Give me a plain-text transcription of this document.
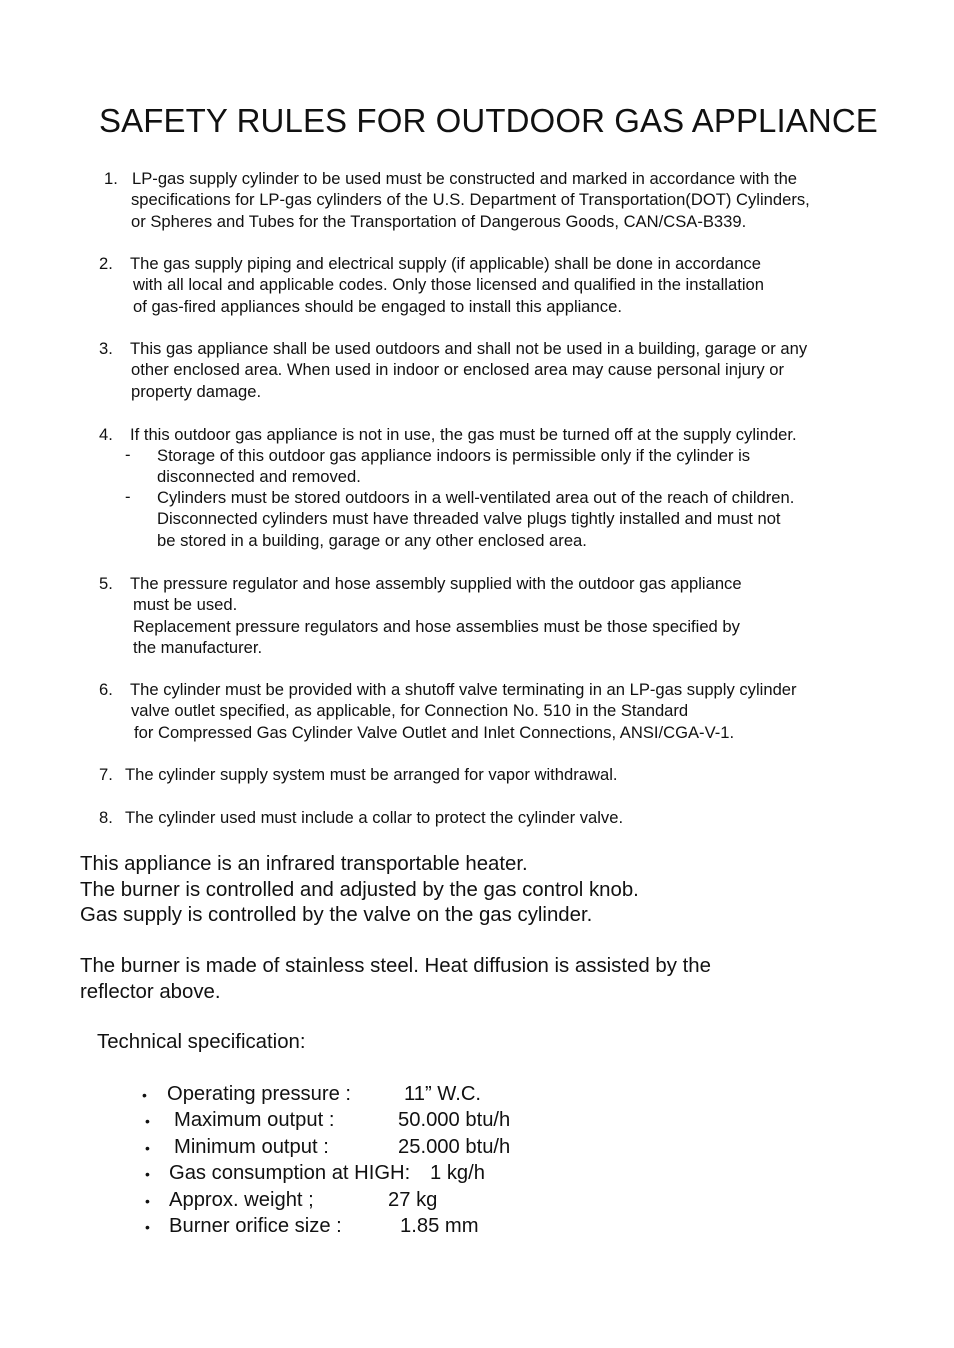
SAFETY RULES FOR OUTDOOR GAS APPLIANCE
1. LP-gas supply cylinder to be used must be constructed and marked in accordance with the
specifications for LP-gas cylinders of the U.S. Department of Transportation(DOT) Cylinders,
or Spheres and Tubes for the Transportation of Dangerous Goods, CAN/CSA-B339.
2. The gas supply piping and electrical supply (if applicable) shall be done in accordance
with all local and applicable codes. Only those licensed and qualified in the installation
of gas-fired appliances should be engaged to install this appliance.
3. This gas appliance shall be used outdoors and shall not be used in a building, garage or any
other enclosed area. When used in indoor or enclosed area may cause personal injury or
property damage.
4. If this outdoor gas appliance is not in use, the gas must be turned off at the supply cylinder.
- Storage of this outdoor gas appliance indoors is permissible only if the cylinder is
disconnected and removed.
- Cylinders must be stored outdoors in a well-ventilated area out of the reach of children.
Disconnected cylinders must have threaded valve plugs tightly installed and must not
be stored in a building, garage or any other enclosed area.
5. The pressure regulator and hose assembly supplied with the outdoor gas appliance
must be used.
Replacement pressure regulators and hose assemblies must be those specified by
the manufacturer.
6. The cylinder must be provided with a shutoff valve terminating in an LP-gas supply cylinder
valve outlet specified, as applicable, for Connection No. 510 in the Standard
for Compressed Gas Cylinder Valve Outlet and Inlet Connections, ANSI/CGA-V-1.
7. The cylinder supply system must be arranged for vapor withdrawal.
8. The cylinder used must include a collar to protect the cylinder valve.
This appliance is an infrared transportable heater.
The burner is controlled and adjusted by the gas control knob.
Gas supply is controlled by the valve on the gas cylinder.
The burner is made of stainless steel. Heat diffusion is assisted by the
reflector above.
Technical specification:
• Operating pressure :	11” W.C.
• Maximum output :	50.000 btu/h
• Minimum output :	25.000 btu/h
• Gas consumption at HIGH: 1 kg/h
• Approx. weight ;	27 kg
• Burner orifice size :	1.85 mm
